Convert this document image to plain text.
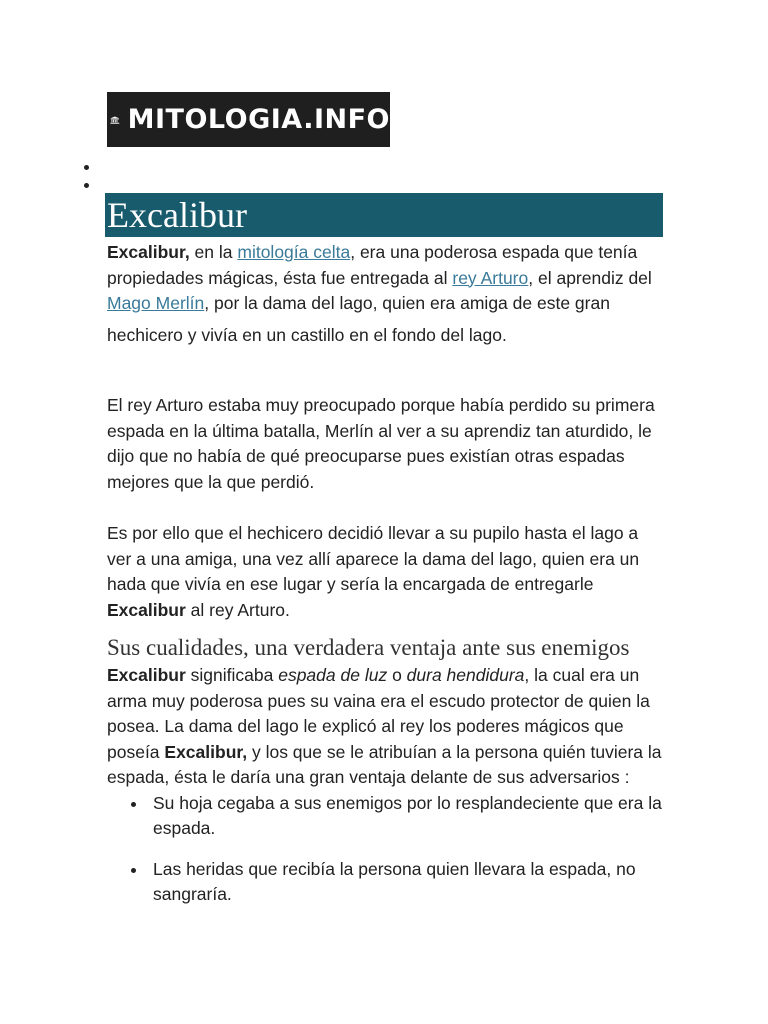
MITOLOGIA.INFO
Excalibur

Excalibur, en la mitología celta, era una poderosa espada que tenía propiedades mágicas, ésta fue entregada al rey Arturo, el aprendiz del Mago Merlín, por la dama del lago, quien era amiga de este gran

hechicero y vivía en un castillo en el fondo del lago.

El rey Arturo estaba muy preocupado porque había perdido su primera espada en la última batalla, Merlín al ver a su aprendiz tan aturdido, le dijo que no había de qué preocuparse pues existían otras espadas mejores que la que perdió.

Es por ello que el hechicero decidió llevar a su pupilo hasta el lago a ver a una amiga, una vez allí aparece la dama del lago, quien era un hada que vivía en ese lugar y sería la encargada de entregarle Excalibur al rey Arturo.

Sus cualidades, una verdadera ventaja ante sus enemigos

Excalibur significaba espada de luz o dura hendidura, la cual era un arma muy poderosa pues su vaina era el escudo protector de quien la posea. La dama del lago le explicó al rey los poderes mágicos que poseía Excalibur, y los que se le atribuían a la persona quién tuviera la espada, ésta le daría una gran ventaja delante de sus adversarios :

Su hoja cegaba a sus enemigos por lo resplandeciente que era la espada.
Las heridas que recibía la persona quien llevara la espada, no sangraría.
